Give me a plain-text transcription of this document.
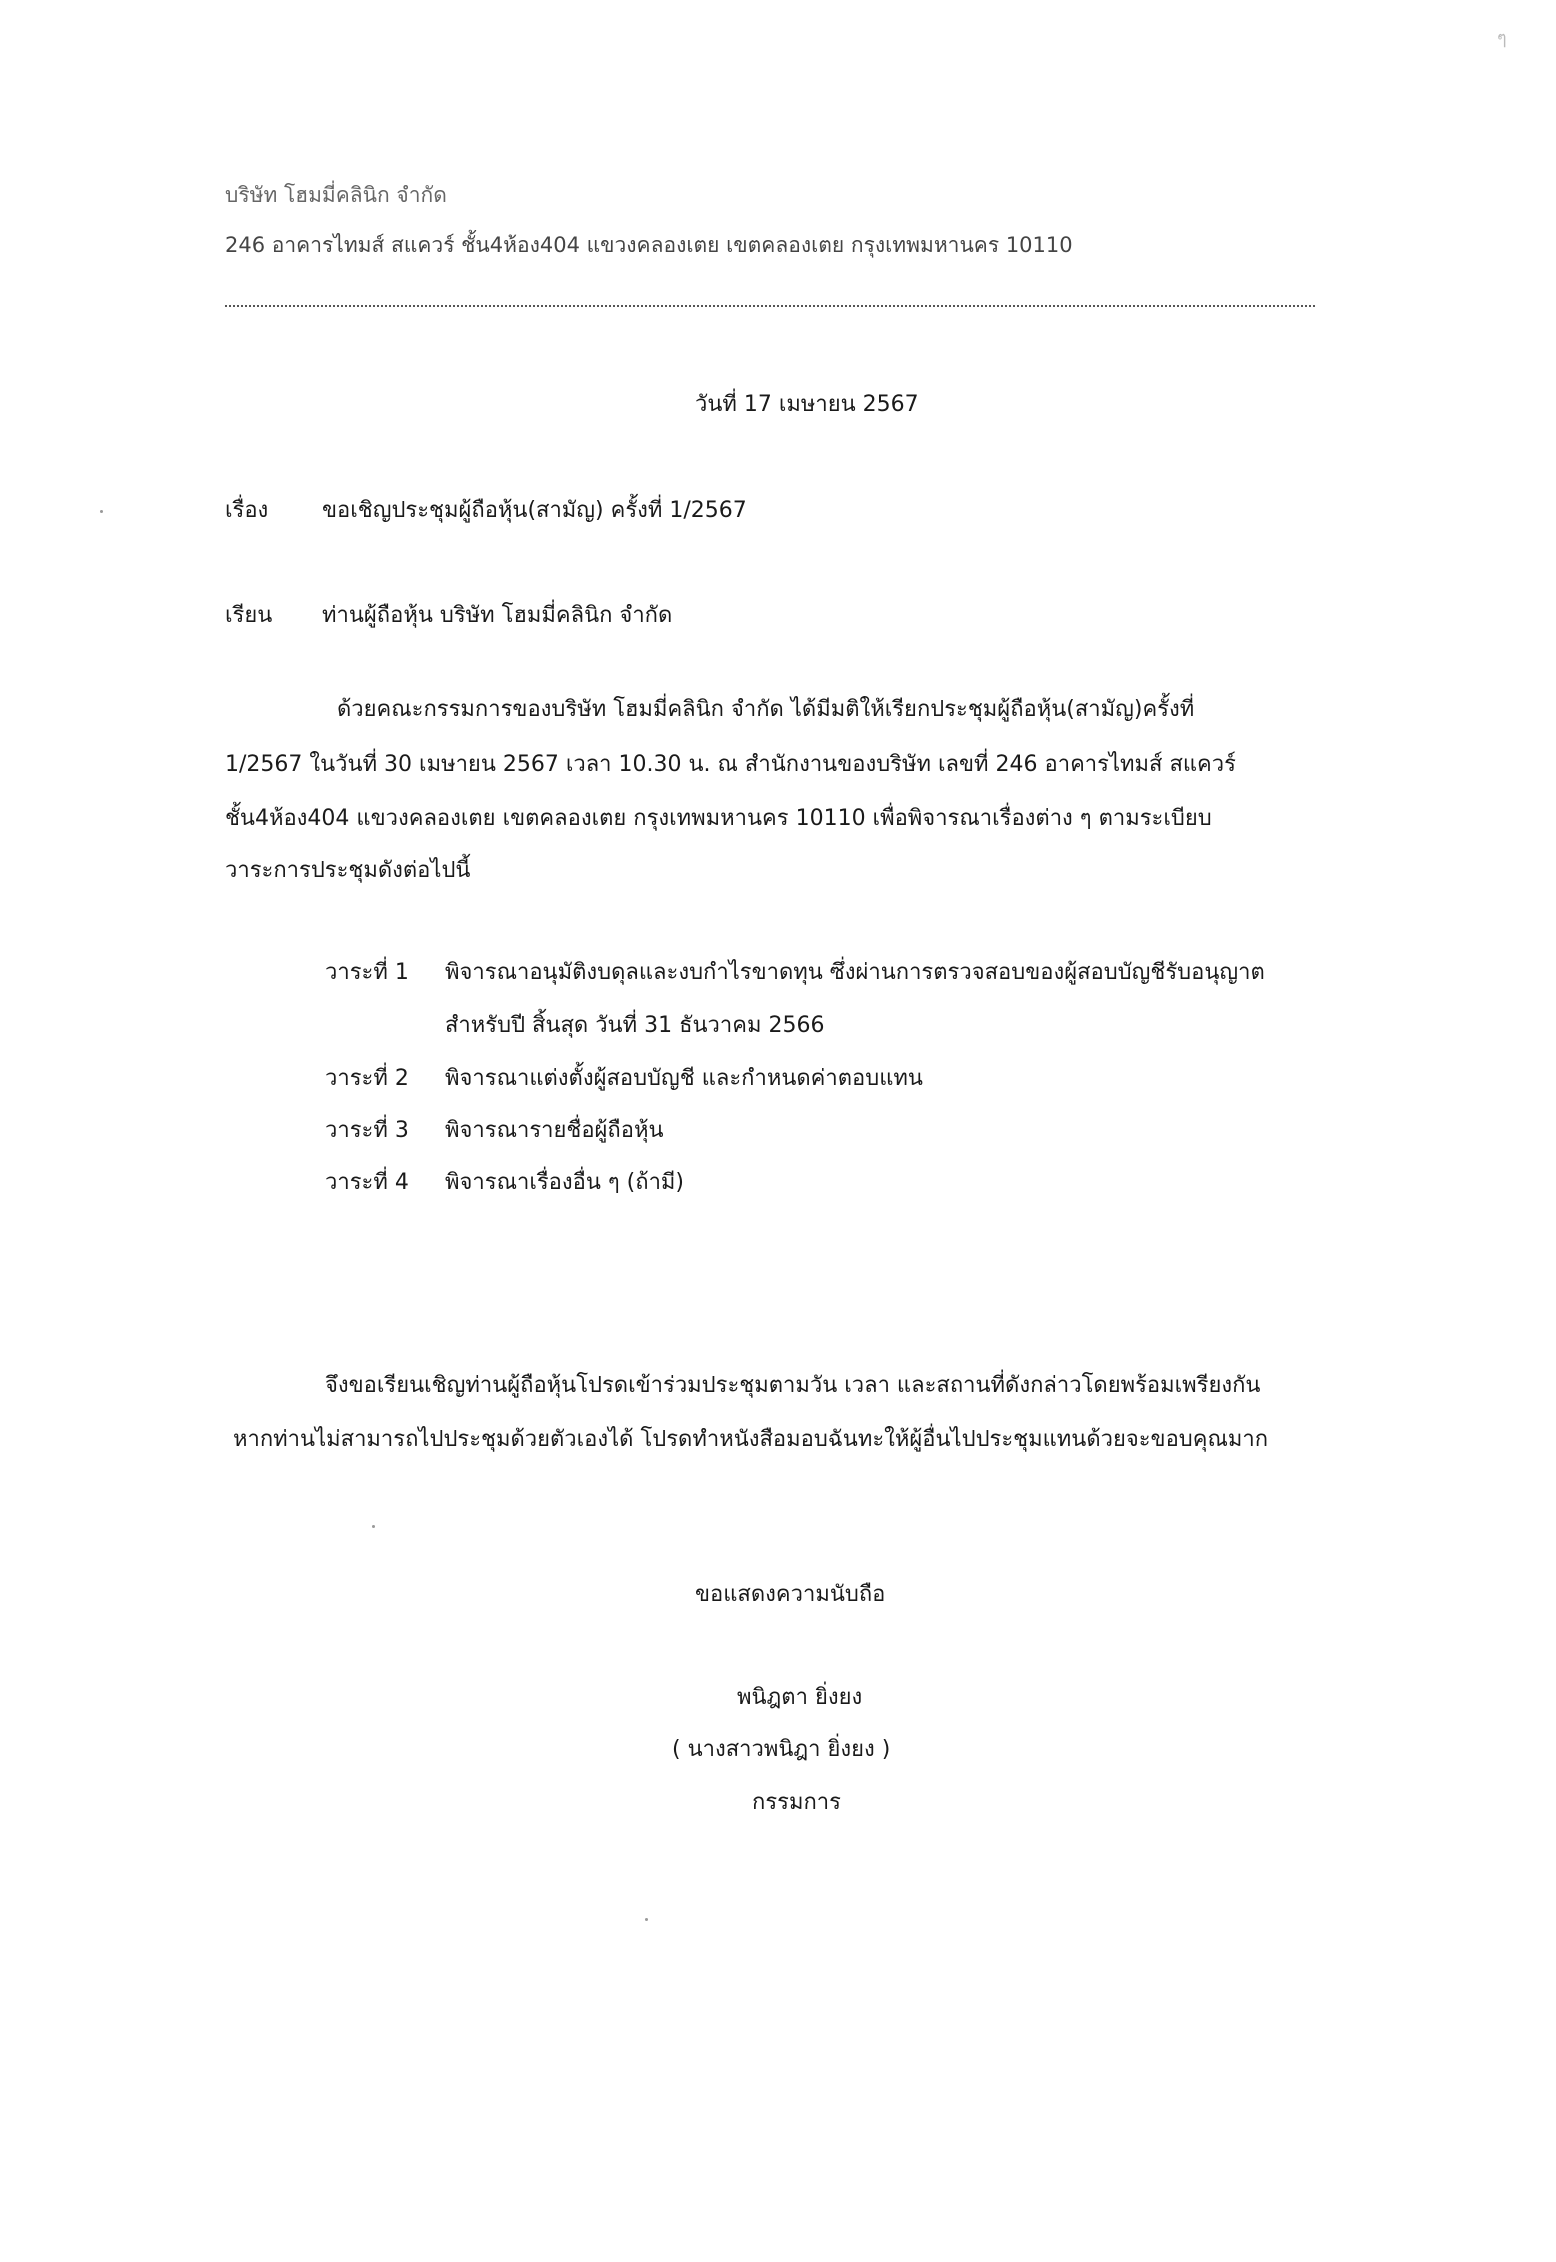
ๆ
บริษัท โฮมมี่คลินิก จำกัด
246 อาคารไทมส์ สแควร์ ชั้น4ห้อง404 แขวงคลองเตย เขตคลองเตย กรุงเทพมหานคร 10110
วันที่ 17 เมษายน 2567
เรื่อง ขอเชิญประชุมผู้ถือหุ้น(สามัญ) ครั้งที่ 1/2567
เรียน ท่านผู้ถือหุ้น บริษัท โฮมมี่คลินิก จำกัด
ด้วยคณะกรรมการของบริษัท โฮมมี่คลินิก จำกัด ได้มีมติให้เรียกประชุมผู้ถือหุ้น(สามัญ)ครั้งที่
1/2567 ในวันที่ 30 เมษายน 2567 เวลา 10.30 น. ณ สำนักงานของบริษัท เลขที่ 246 อาคารไทมส์ สแควร์
ชั้น4ห้อง404 แขวงคลองเตย เขตคลองเตย กรุงเทพมหานคร 10110 เพื่อพิจารณาเรื่องต่าง ๆ ตามระเบียบ
วาระการประชุมดังต่อไปนี้
วาระที่ 1 พิจารณาอนุมัติงบดุลและงบกำไรขาดทุน ซึ่งผ่านการตรวจสอบของผู้สอบบัญชีรับอนุญาต
สำหรับปี สิ้นสุด วันที่ 31 ธันวาคม 2566
วาระที่ 2 พิจารณาแต่งตั้งผู้สอบบัญชี และกำหนดค่าตอบแทน
วาระที่ 3 พิจารณารายชื่อผู้ถือหุ้น
วาระที่ 4 พิจารณาเรื่องอื่น ๆ (ถ้ามี)
จึงขอเรียนเชิญท่านผู้ถือหุ้นโปรดเข้าร่วมประชุมตามวัน เวลา และสถานที่ดังกล่าวโดยพร้อมเพรียงกัน
หากท่านไม่สามารถไปประชุมด้วยตัวเองได้ โปรดทำหนังสือมอบฉันทะให้ผู้อื่นไปประชุมแทนด้วยจะขอบคุณมาก
ขอแสดงความนับถือ
พนิฎตา ยิ่งยง
( นางสาวพนิฎา ยิ่งยง )
กรรมการ
